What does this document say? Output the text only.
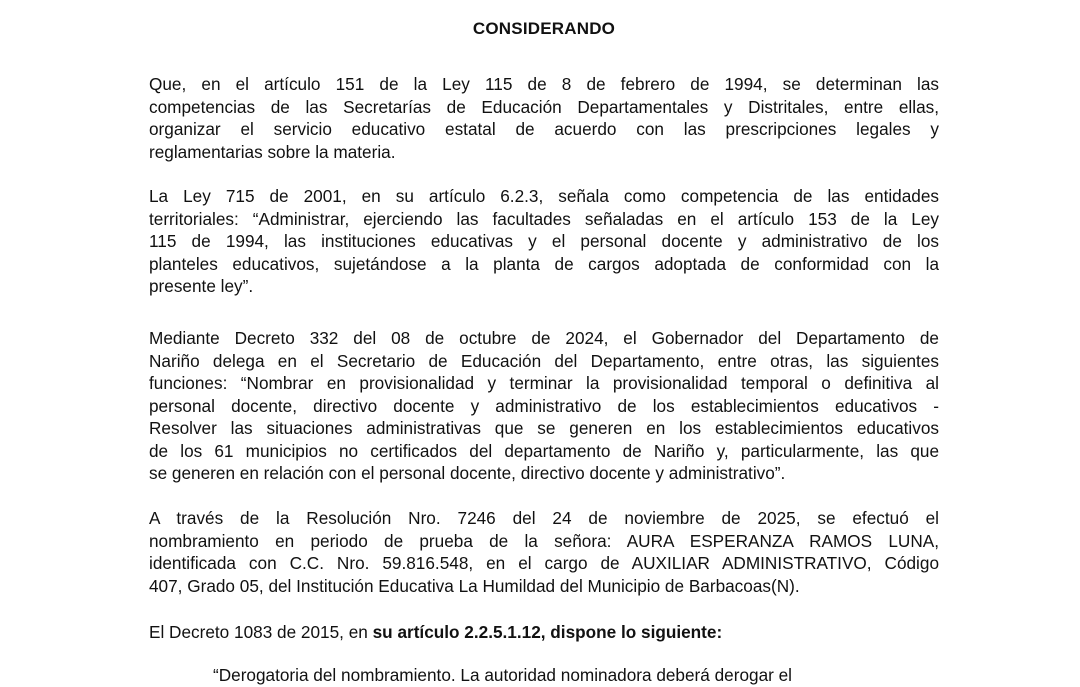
CONSIDERANDO
Que, en el artículo 151 de la Ley 115 de 8 de febrero de 1994, se determinan las
competencias de las Secretarías de Educación Departamentales y Distritales, entre ellas,
organizar el servicio educativo estatal de acuerdo con las prescripciones legales y
reglamentarias sobre la materia.
La Ley 715 de 2001, en su artículo 6.2.3, señala como competencia de las entidades
territoriales: “Administrar, ejerciendo las facultades señaladas en el artículo 153 de la Ley
115 de 1994, las instituciones educativas y el personal docente y administrativo de los
planteles educativos, sujetándose a la planta de cargos adoptada de conformidad con la
presente ley”.
Mediante Decreto 332 del 08 de octubre de 2024, el Gobernador del Departamento de
Nariño delega en el Secretario de Educación del Departamento, entre otras, las siguientes
funciones: “Nombrar en provisionalidad y terminar la provisionalidad temporal o definitiva al
personal docente, directivo docente y administrativo de los establecimientos educativos -
Resolver las situaciones administrativas que se generen en los establecimientos educativos
de los 61 municipios no certificados del departamento de Nariño y, particularmente, las que
se generen en relación con el personal docente, directivo docente y administrativo”.
A través de la Resolución Nro. 7246 del 24 de noviembre de 2025, se efectuó el
nombramiento en periodo de prueba de la señora: AURA ESPERANZA RAMOS LUNA,
identificada con C.C. Nro. 59.816.548, en el cargo de AUXILIAR ADMINISTRATIVO, Código
407, Grado 05, del Institución Educativa La Humildad del Municipio de Barbacoas(N).
El Decreto 1083 de 2015, en su artículo 2.2.5.1.12, dispone lo siguiente:
“Derogatoria del nombramiento. La autoridad nominadora deberá derogar el
